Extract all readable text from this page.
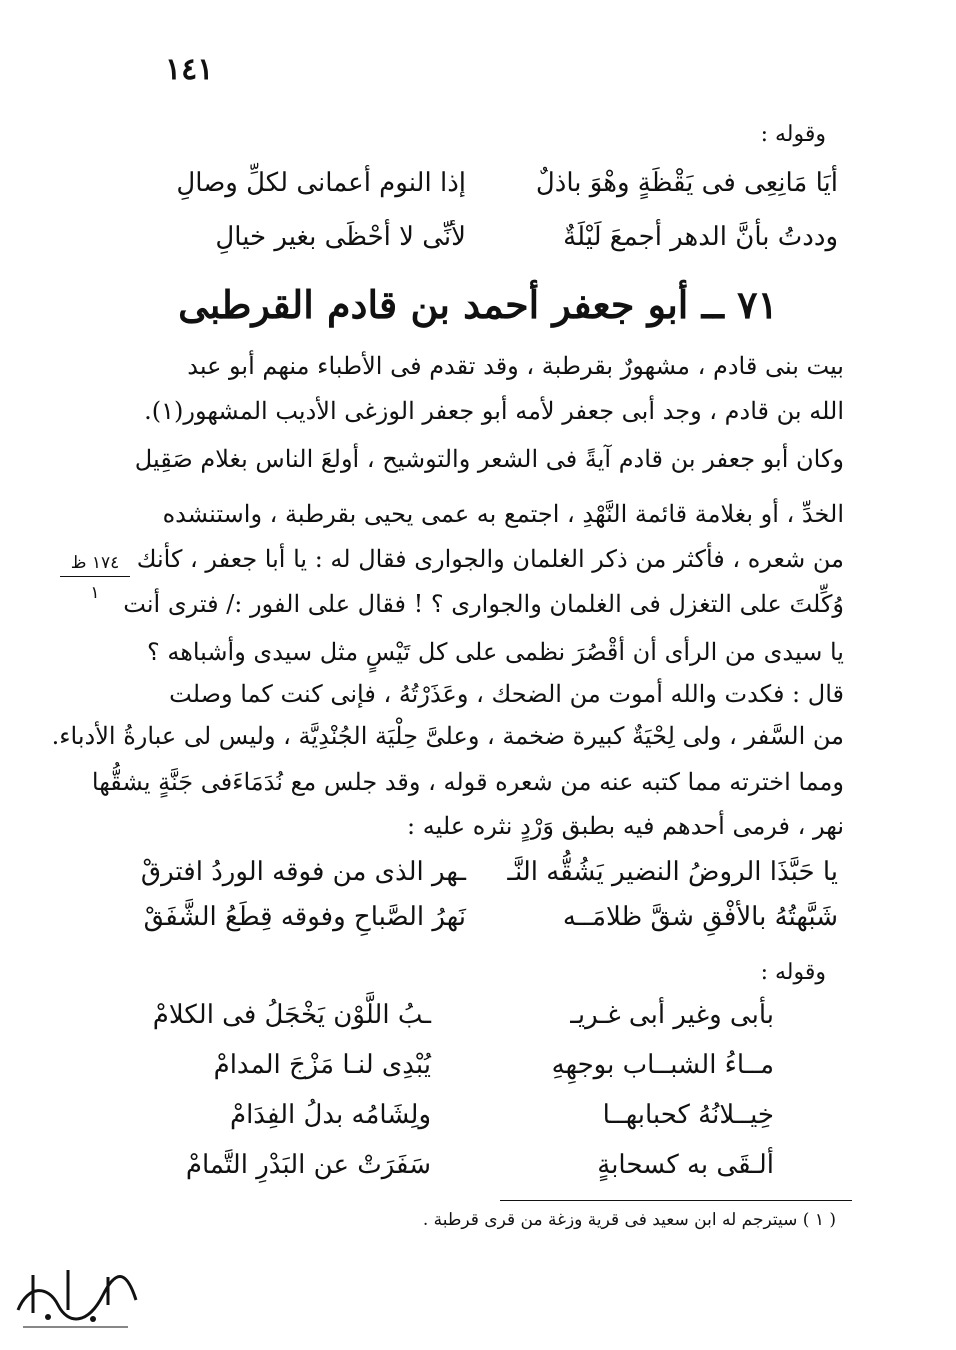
١٤١
وقوله :
أيَا مَانِعِى فى يَقْظَةٍ وهْوَ باذلٌ
إذا النوم أعمانى لكلِّ وصالِ
وددتُ بأنَّ الدهر أجمعَ لَيْلَةٌ
لأنِّى لا أحْظَى بغير خيالِ
٧١ ــ أبو جعفر أحمد بن قادم القرطبى
بيت بنى قادم ، مشهورٌ بقرطبة ، وقد تقدم فى الأطباء منهم أبو عبد
الله بن قادم ، وجد أبى جعفر لأمه أبو جعفر الوزغى الأديب المشهور(١).
وكان أبو جعفر بن قادم آيةً فى الشعر والتوشيح ، أولعَ الناس بغلام صَقِيل
الخدِّ ، أو بغلامة قائمة النَّهْدِ ، اجتمع به عمى يحيى بقرطبة ، واستنشده
من شعره ، فأكثر من ذكر الغلمان والجوارى فقال له : يا أبا جعفر ، كأنك
وُكِّلتَ على التغزل فى الغلمان والجوارى ؟ ! فقال على الفور :/ فترى أنت
يا سيدى من الرأى أن أقْصُرَ نظمى على كل تَيْسٍ مثل سيدى وأشباهه ؟
قال : فكدت والله أموت من الضحك ، وعَذَرْتُهُ ، فإنى كنت كما وصلت
من السَّفر ، ولى لِحْيَةٌ كبيرة ضخمة ، وعلىَّ حِلْيَة الجُنْدِيَّة ، وليس لى عبارةُ الأدباء.
ومما اخترته مما كتبه عنه من شعره قوله ، وقد جلس مع نُدَمَاءَفى جَنَّةٍ يشقُّها
نهر ، فرمى أحدهم فيه بطبق وَرْدٍ نثره عليه :
١٧٤ ظ
١
يا حَبَّذَا الروضُ النضير يَشُقُّه النَّـ
ـهر الذى من فوقه الوردُ افترقْ
شَبَّهتُهُ بالأفْقِ شقَّ ظلامَــه
نَهرُ الصَّباحِ وفوقه قِطَعُ الشَّفَقْ
وقوله :
بأبى وغير أبى غـريـ
ـبُ اللَّوْن يَخْجَلُ فى الكلامْ
مــاءُ الشبــاب بوجهِهِ
يُبْدِى لنـا مَزْجَ المدامْ
خِيــلانُهُ كحبابهــا
ولِشَامُه بدلُ الفِدَامْ
ألـقَى به كسحابةٍ
سَفَرَتْ عن البَدْرِ التَّمامْ
( ١ ) سيترجم له ابن سعيد فى قرية وزغة من قرى قرطبة .
